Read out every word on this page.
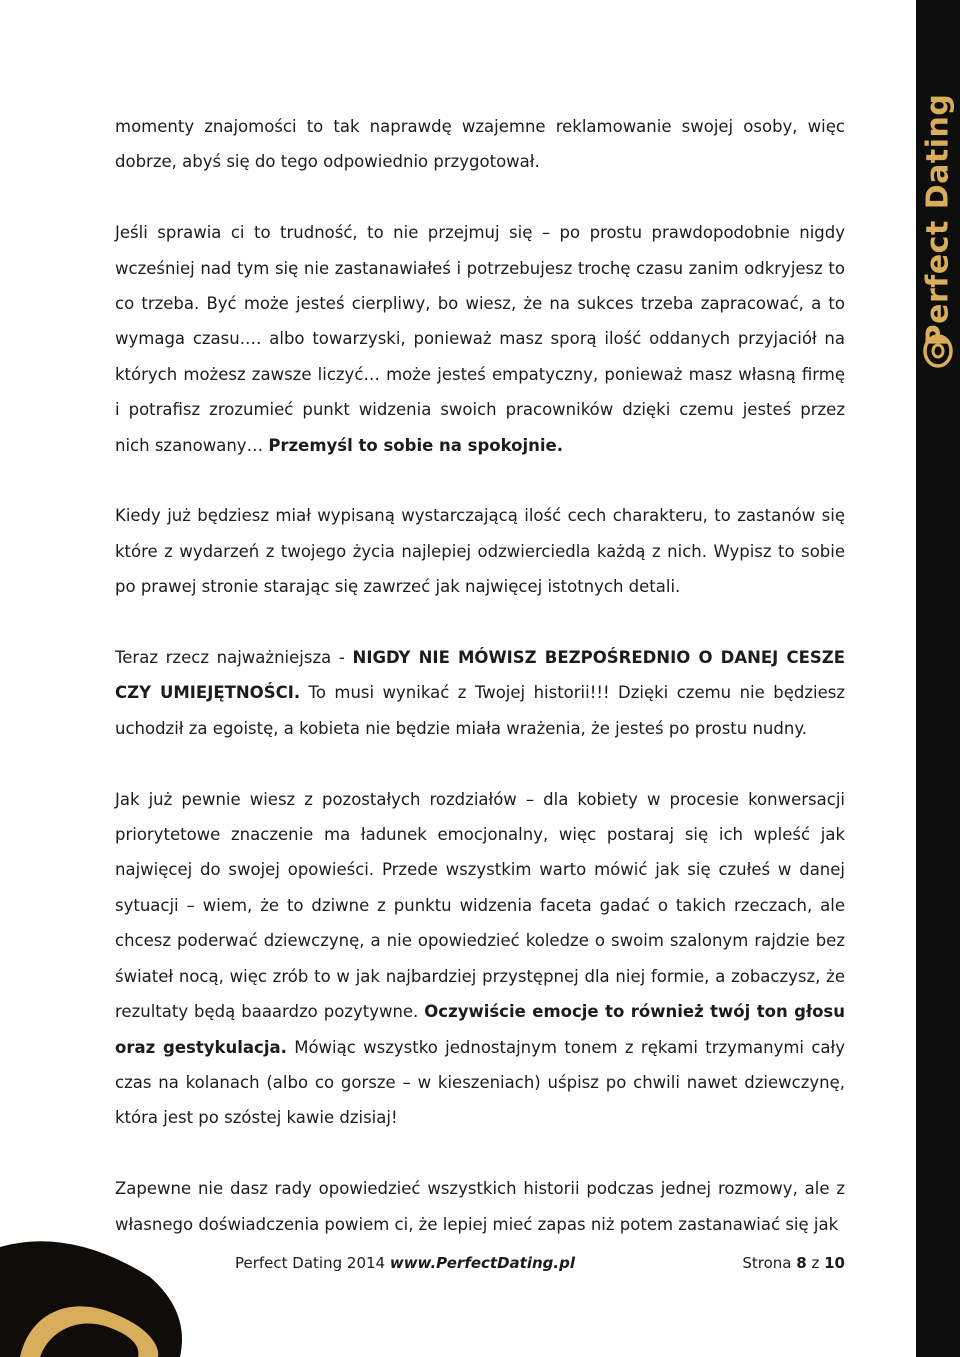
Perfect Dating

momenty znajomości to tak naprawdę wzajemne reklamowanie swojej osoby, więc dobrze, abyś się do tego odpowiednio przygotował.

Jeśli sprawia ci to trudność, to nie przejmuj się – po prostu prawdopodobnie nigdy wcześniej nad tym się nie zastanawiałeś i potrzebujesz trochę czasu zanim odkryjesz to co trzeba. Być może jesteś cierpliwy, bo wiesz, że na sukces trzeba zapracować, a to wymaga czasu.… albo towarzyski, ponieważ masz sporą ilość oddanych przyjaciół na których możesz zawsze liczyć… może jesteś empatyczny, ponieważ masz własną firmę i potrafisz zrozumieć punkt widzenia swoich pracowników dzięki czemu jesteś przez nich szanowany… Przemyśl to sobie na spokojnie.

Kiedy już będziesz miał wypisaną wystarczającą ilość cech charakteru, to zastanów się które z wydarzeń z twojego życia najlepiej odzwierciedla każdą z nich. Wypisz to sobie po prawej stronie starając się zawrzeć jak najwięcej istotnych detali.

Teraz rzecz najważniejsza - NIGDY NIE MÓWISZ BEZPOŚREDNIO O DANEJ CESZE CZY UMIEJĘTNOŚCI. To musi wynikać z Twojej historii!!! Dzięki czemu nie będziesz uchodził za egoistę, a kobieta nie będzie miała wrażenia, że jesteś po prostu nudny.

Jak już pewnie wiesz z pozostałych rozdziałów – dla kobiety w procesie konwersacji priorytetowe znaczenie ma ładunek emocjonalny, więc postaraj się ich wpleść jak najwięcej do swojej opowieści. Przede wszystkim warto mówić jak się czułeś w danej sytuacji – wiem, że to dziwne z punktu widzenia faceta gadać o takich rzeczach, ale chcesz poderwać dziewczynę, a nie opowiedzieć koledze o swoim szalonym rajdzie bez świateł nocą, więc zrób to w jak najbardziej przystępnej dla niej formie, a zobaczysz, że rezultaty będą baaardzo pozytywne. Oczywiście emocje to również twój ton głosu oraz gestykulacja. Mówiąc wszystko jednostajnym tonem z rękami trzymanymi cały czas na kolanach (albo co gorsze – w kieszeniach) uśpisz po chwili nawet dziewczynę, która jest po szóstej kawie dzisiaj!

Zapewne nie dasz rady opowiedzieć wszystkich historii podczas jednej rozmowy, ale z własnego doświadczenia powiem ci, że lepiej mieć zapas niż potem zastanawiać się jak

Perfect Dating 2014 www.PerfectDating.pl	Strona 8 z 10
